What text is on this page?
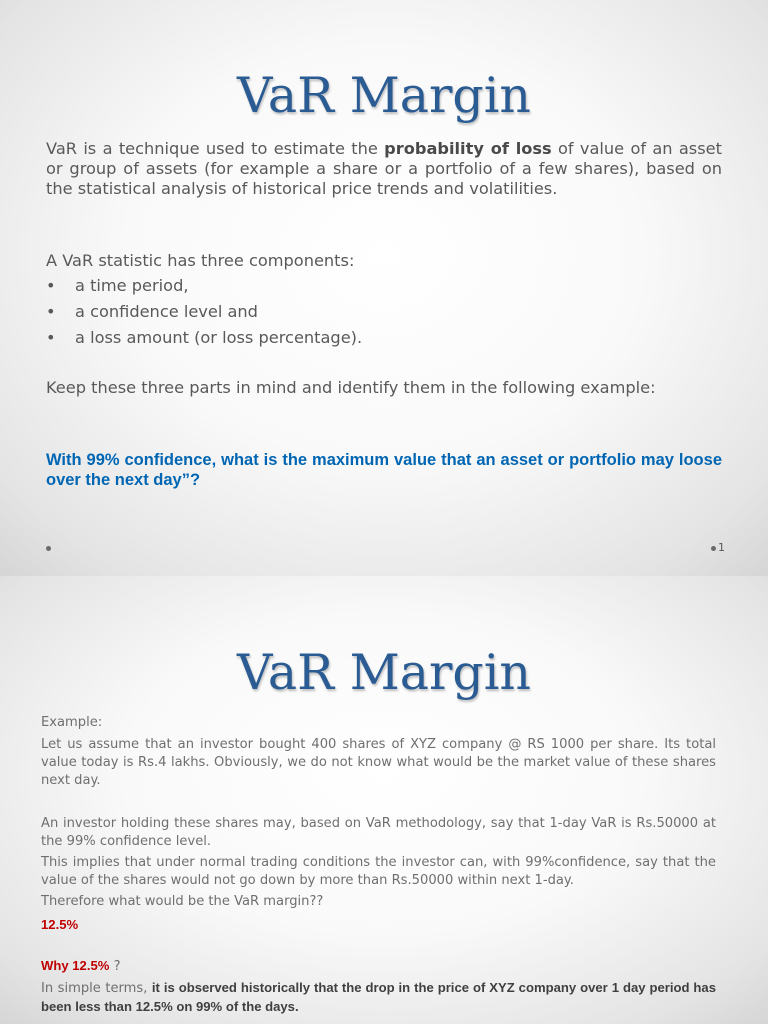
VaR Margin

VaR is a technique used to estimate the probability of loss of value of an asset or group of assets (for example a share or a portfolio of a few shares), based on the statistical analysis of historical price trends and volatilities.

A VaR statistic has three components:

• a time period,
• a confidence level and
• a loss amount (or loss percentage).

Keep these three parts in mind and identify them in the following example:

With 99% confidence, what is the maximum value that an asset or portfolio may loose over the next day”?

1
VaR Margin

Example:

Let us assume that an investor bought 400 shares of XYZ company @ RS 1000 per share. Its total value today is Rs.4 lakhs. Obviously, we do not know what would be the market value of these shares next day.

An investor holding these shares may, based on VaR methodology, say that 1-day VaR is Rs.50000 at the 99% confidence level.

This implies that under normal trading conditions the investor can, with 99%confidence, say that the value of the shares would not go down by more than Rs.50000 within next 1-day.

Therefore what would be the VaR margin??

12.5%

Why 12.5% ?

In simple terms, it is observed historically that the drop in the price of XYZ company over 1 day period has been less than 12.5% on 99% of the days.
